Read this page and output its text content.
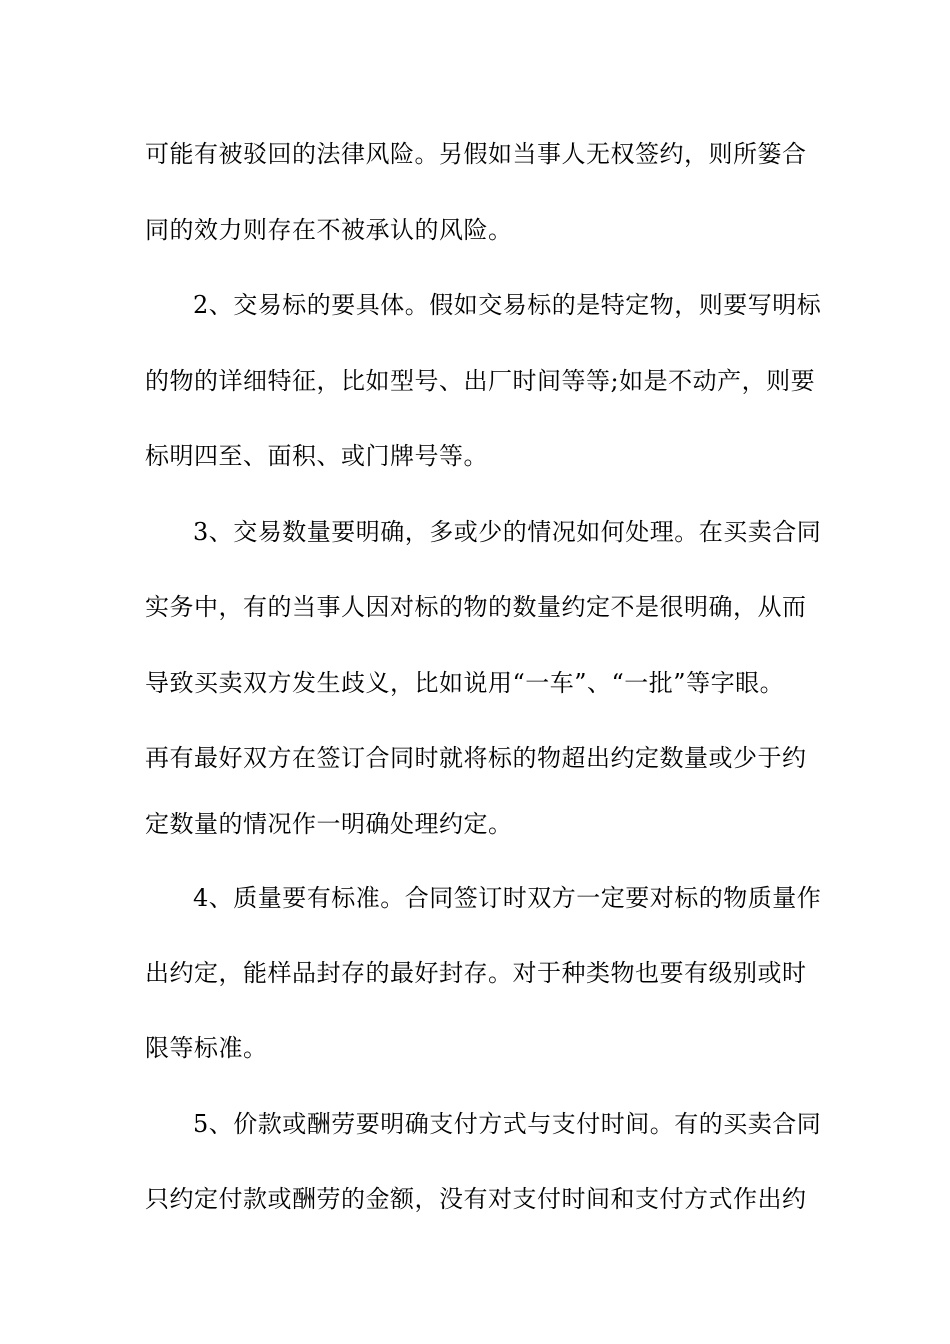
可能有被驳回的法律风险。另假如当事人无权签约，则所篓合

同的效力则存在不被承认的风险。

2、交易标的要具体。假如交易标的是特定物，则要写明标

的物的详细特征，比如型号、出厂时间等等;如是不动产，则要

标明四至、面积、或门牌号等。

3、交易数量要明确，多或少的情况如何处理。在买卖合同

实务中，有的当事人因对标的物的数量约定不是很明确，从而

导致买卖双方发生歧义，比如说用“一车”、“一批”等字眼。

再有最好双方在签订合同时就将标的物超出约定数量或少于约

定数量的情况作一明确处理约定。

4、质量要有标准。合同签订时双方一定要对标的物质量作

出约定，能样品封存的最好封存。对于种类物也要有级别或时

限等标准。

5、价款或酬劳要明确支付方式与支付时间。有的买卖合同

只约定付款或酬劳的金额，没有对支付时间和支付方式作出约
